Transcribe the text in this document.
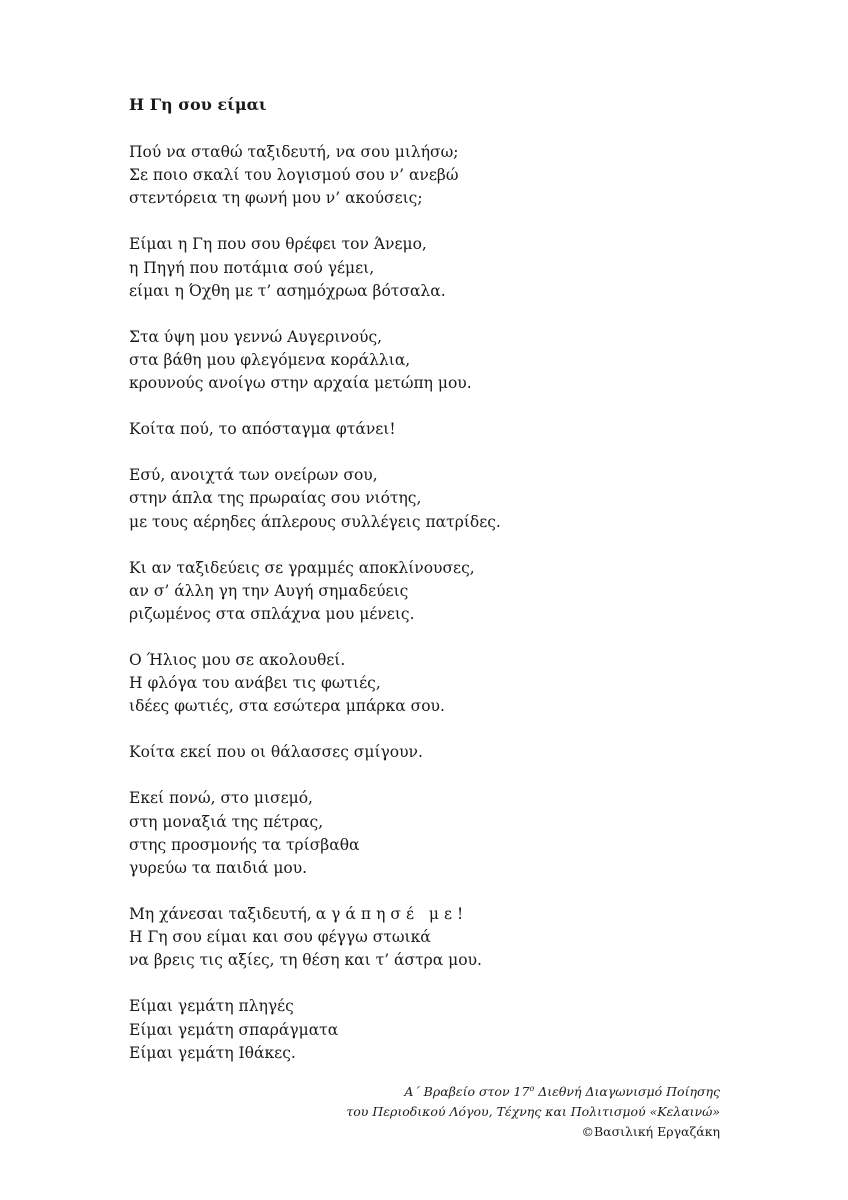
Η Γη σου είμαι

Πού να σταθώ ταξιδευτή, να σου μιλήσω;

Σε ποιο σκαλί του λογισμού σου ν’ ανεβώ

στεντόρεια τη φωνή μου ν’ ακούσεις;

Είμαι η Γη που σου θρέφει τον Άνεμο,

η Πηγή που ποτάμια σού γέμει,

είμαι η Όχθη με τ’ ασημόχρωα βότσαλα.

Στα ύψη μου γεννώ Αυγερινούς,

στα βάθη μου φλεγόμενα κοράλλια,

κρουνούς ανοίγω στην αρχαία μετώπη μου.

Κοίτα πού, το απόσταγμα φτάνει!

Εσύ, ανοιχτά των ονείρων σου,

στην άπλα της πρωραίας σου νιότης,

με τους αέρηδες άπλερους συλλέγεις πατρίδες.

Κι αν ταξιδεύεις σε γραμμές αποκλίνουσες,

αν σ’ άλλη γη την Αυγή σημαδεύεις

ριζωμένος στα σπλάχνα μου μένεις.

Ο Ήλιος μου σε ακολουθεί.

Η φλόγα του ανάβει τις φωτιές,

ιδέες φωτιές, στα εσώτερα μπάρκα σου.

Κοίτα εκεί που οι θάλασσες σμίγουν.

Εκεί πονώ, στο μισεμό,

στη μοναξιά της πέτρας,

στης προσμονής τα τρίσβαθα

γυρεύω τα παιδιά μου.

Μη χάνεσαι ταξιδευτή, αγάπησέ με!

Η Γη σου είμαι και σου φέγγω στωικά

να βρεις τις αξίες, τη θέση και τ’ άστρα μου.

Είμαι γεμάτη πληγές

Είμαι γεμάτη σπαράγματα

Είμαι γεμάτη Ιθάκες.

Α΄ Βραβείο στον $17^o$ Διεθνή Διαγωνισμό Ποίησης
του Περιοδικού Λόγου, Τέχνης και Πολιτισμού «Κελαινώ»
©Βασιλική Εργαζάκη
